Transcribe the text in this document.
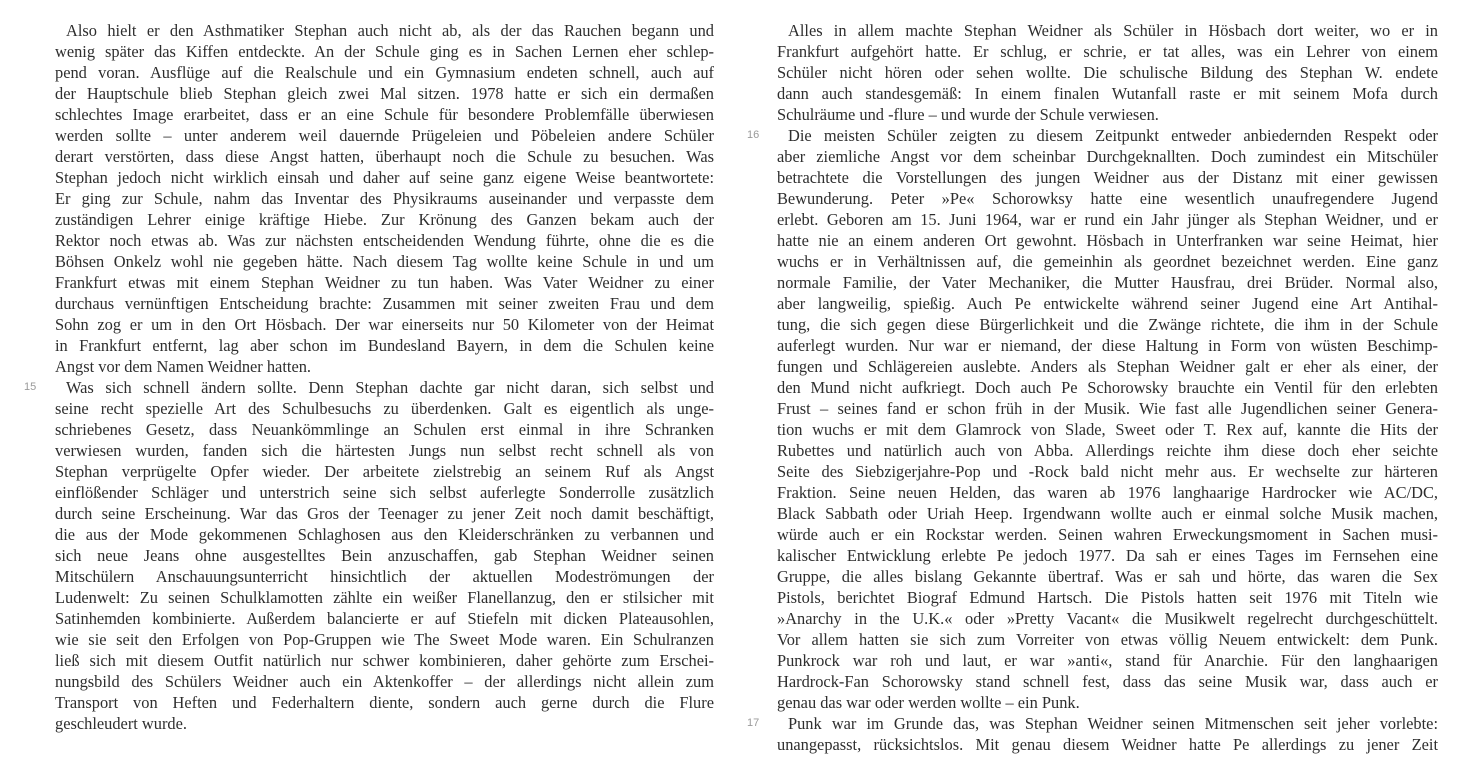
Also hielt er den Asthmatiker Stephan auch nicht ab, als der das Rauchen begann und
wenig später das Kiffen entdeckte. An der Schule ging es in Sachen Lernen eher schlep-
pend voran. Ausflüge auf die Realschule und ein Gymnasium endeten schnell, auch auf
der Hauptschule blieb Stephan gleich zwei Mal sitzen. 1978 hatte er sich ein dermaßen
schlechtes Image erarbeitet, dass er an eine Schule für besondere Problemfälle überwiesen
werden sollte – unter anderem weil dauernde Prügeleien und Pöbeleien andere Schüler
derart verstörten, dass diese Angst hatten, überhaupt noch die Schule zu besuchen. Was
Stephan jedoch nicht wirklich einsah und daher auf seine ganz eigene Weise beantwortete:
Er ging zur Schule, nahm das Inventar des Physikraums auseinander und verpasste dem
zuständigen Lehrer einige kräftige Hiebe. Zur Krönung des Ganzen bekam auch der
Rektor noch etwas ab. Was zur nächsten entscheidenden Wendung führte, ohne die es die
Böhsen Onkelz wohl nie gegeben hätte. Nach diesem Tag wollte keine Schule in und um
Frankfurt etwas mit einem Stephan Weidner zu tun haben. Was Vater Weidner zu einer
durchaus vernünftigen Entscheidung brachte: Zusammen mit seiner zweiten Frau und dem
Sohn zog er um in den Ort Hösbach. Der war einerseits nur 50 Kilometer von der Heimat
in Frankfurt entfernt, lag aber schon im Bundesland Bayern, in dem die Schulen keine
Angst vor dem Namen Weidner hatten.
15	Was sich schnell ändern sollte. Denn Stephan dachte gar nicht daran, sich selbst und
seine recht spezielle Art des Schulbesuchs zu überdenken. Galt es eigentlich als unge-
schriebenes Gesetz, dass Neuankömmlinge an Schulen erst einmal in ihre Schranken
verwiesen wurden, fanden sich die härtesten Jungs nun selbst recht schnell als von
Stephan verprügelte Opfer wieder. Der arbeitete zielstrebig an seinem Ruf als Angst
einflößender Schläger und unterstrich seine sich selbst auferlegte Sonderrolle zusätzlich
durch seine Erscheinung. War das Gros der Teenager zu jener Zeit noch damit beschäftigt,
die aus der Mode gekommenen Schlaghosen aus den Kleiderschränken zu verbannen und
sich neue Jeans ohne ausgestelltes Bein anzuschaffen, gab Stephan Weidner seinen
Mitschülern Anschauungsunterricht hinsichtlich der aktuellen Modeströmungen der
Ludenwelt: Zu seinen Schulklamotten zählte ein weißer Flanellanzug, den er stilsicher mit
Satinhemden kombinierte. Außerdem balancierte er auf Stiefeln mit dicken Plateausohlen,
wie sie seit den Erfolgen von Pop-Gruppen wie The Sweet Mode waren. Ein Schulranzen
ließ sich mit diesem Outfit natürlich nur schwer kombinieren, daher gehörte zum Erschei-
nungsbild des Schülers Weidner auch ein Aktenkoffer – der allerdings nicht allein zum
Transport von Heften und Federhaltern diente, sondern auch gerne durch die Flure
geschleudert wurde.
Alles in allem machte Stephan Weidner als Schüler in Hösbach dort weiter, wo er in
Frankfurt aufgehört hatte. Er schlug, er schrie, er tat alles, was ein Lehrer von einem
Schüler nicht hören oder sehen wollte. Die schulische Bildung des Stephan W. endete
dann auch standesgemäß: In einem finalen Wutanfall raste er mit seinem Mofa durch
Schulräume und -flure – und wurde der Schule verwiesen.
16	Die meisten Schüler zeigten zu diesem Zeitpunkt entweder anbiedernden Respekt oder
aber ziemliche Angst vor dem scheinbar Durchgeknallten. Doch zumindest ein Mitschüler
betrachtete die Vorstellungen des jungen Weidner aus der Distanz mit einer gewissen
Bewunderung. Peter »Pe« Schorowksy hatte eine wesentlich unaufregendere Jugend
erlebt. Geboren am 15. Juni 1964, war er rund ein Jahr jünger als Stephan Weidner, und er
hatte nie an einem anderen Ort gewohnt. Hösbach in Unterfranken war seine Heimat, hier
wuchs er in Verhältnissen auf, die gemeinhin als geordnet bezeichnet werden. Eine ganz
normale Familie, der Vater Mechaniker, die Mutter Hausfrau, drei Brüder. Normal also,
aber langweilig, spießig. Auch Pe entwickelte während seiner Jugend eine Art Antihal-
tung, die sich gegen diese Bürgerlichkeit und die Zwänge richtete, die ihm in der Schule
auferlegt wurden. Nur war er niemand, der diese Haltung in Form von wüsten Beschimp-
fungen und Schlägereien auslebte. Anders als Stephan Weidner galt er eher als einer, der
den Mund nicht aufkriegt. Doch auch Pe Schorowsky brauchte ein Ventil für den erlebten
Frust – seines fand er schon früh in der Musik. Wie fast alle Jugendlichen seiner Genera-
tion wuchs er mit dem Glamrock von Slade, Sweet oder T. Rex auf, kannte die Hits der
Rubettes und natürlich auch von Abba. Allerdings reichte ihm diese doch eher seichte
Seite des Siebzigerjahre-Pop und -Rock bald nicht mehr aus. Er wechselte zur härteren
Fraktion. Seine neuen Helden, das waren ab 1976 langhaarige Hardrocker wie AC/DC,
Black Sabbath oder Uriah Heep. Irgendwann wollte auch er einmal solche Musik machen,
würde auch er ein Rockstar werden. Seinen wahren Erweckungsmoment in Sachen musi-
kalischer Entwicklung erlebte Pe jedoch 1977. Da sah er eines Tages im Fernsehen eine
Gruppe, die alles bislang Gekannte übertraf. Was er sah und hörte, das waren die Sex
Pistols, berichtet Biograf Edmund Hartsch. Die Pistols hatten seit 1976 mit Titeln wie
»Anarchy in the U.K.« oder »Pretty Vacant« die Musikwelt regelrecht durchgeschüttelt.
Vor allem hatten sie sich zum Vorreiter von etwas völlig Neuem entwickelt: dem Punk.
Punkrock war roh und laut, er war »anti«, stand für Anarchie. Für den langhaarigen
Hardrock-Fan Schorowsky stand schnell fest, dass das seine Musik war, dass auch er
genau das war oder werden wollte – ein Punk.
17	Punk war im Grunde das, was Stephan Weidner seinen Mitmenschen seit jeher vorlebte:
unangepasst, rücksichtslos. Mit genau diesem Weidner hatte Pe allerdings zu jener Zeit
